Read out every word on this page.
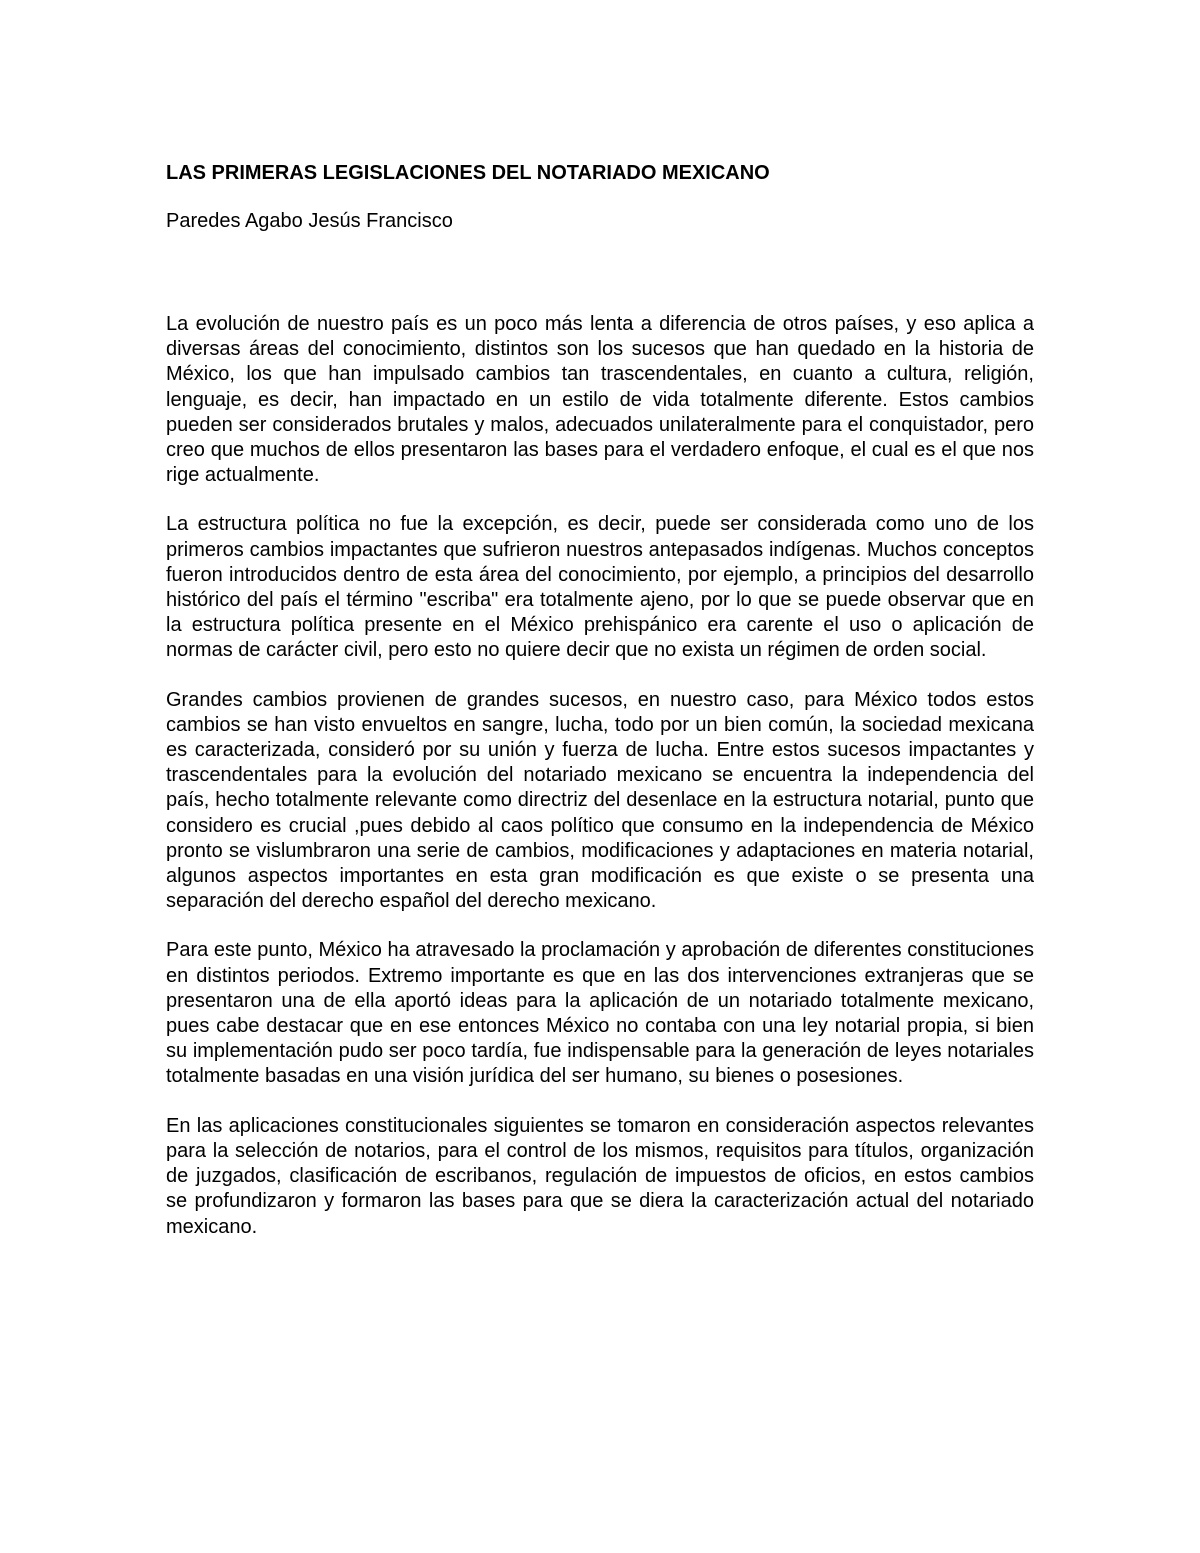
LAS PRIMERAS LEGISLACIONES DEL NOTARIADO MEXICANO

Paredes Agabo Jesús Francisco

La evolución de nuestro país es un poco más lenta a diferencia de otros países, y eso aplica a diversas áreas del conocimiento, distintos son los sucesos que han quedado en la historia de México, los que han impulsado cambios tan trascendentales, en cuanto a cultura, religión, lenguaje, es decir, han impactado en un estilo de vida totalmente diferente. Estos cambios pueden ser considerados brutales y malos, adecuados unilateralmente para el conquistador, pero creo que muchos de ellos presentaron las bases para el verdadero enfoque, el cual es el que nos rige actualmente.

La estructura política no fue la excepción, es decir, puede ser considerada como uno de los primeros cambios impactantes que sufrieron nuestros antepasados indígenas. Muchos conceptos fueron introducidos dentro de esta área del conocimiento, por ejemplo, a principios del desarrollo histórico del país el término "escriba" era totalmente ajeno, por lo que se puede observar que en la estructura política presente en el México prehispánico era carente el uso o aplicación de normas de carácter civil, pero esto no quiere decir que no exista un régimen de orden social.

Grandes cambios provienen de grandes sucesos, en nuestro caso, para México todos estos cambios se han visto envueltos en sangre, lucha, todo por un bien común, la sociedad mexicana es caracterizada, consideró por su unión y fuerza de lucha. Entre estos sucesos impactantes y trascendentales para la evolución del notariado mexicano se encuentra la independencia del país, hecho totalmente relevante como directriz del desenlace en la estructura notarial, punto que considero es crucial ,pues debido al caos político que consumo en la independencia de México pronto se vislumbraron una serie de cambios, modificaciones y adaptaciones en materia notarial, algunos aspectos importantes en esta gran modificación es que existe o se presenta una separación del derecho español del derecho mexicano.

Para este punto, México ha atravesado la proclamación y aprobación de diferentes constituciones en distintos periodos. Extremo importante es que en las dos intervenciones extranjeras que se presentaron una de ella aportó ideas para la aplicación de un notariado totalmente mexicano, pues cabe destacar que en ese entonces México no contaba con una ley notarial propia, si bien su implementación pudo ser poco tardía, fue indispensable para la generación de leyes notariales totalmente basadas en una visión jurídica del ser humano, su bienes o posesiones.

En las aplicaciones constitucionales siguientes se tomaron en consideración aspectos relevantes para la selección de notarios, para el control de los mismos, requisitos para títulos, organización de juzgados, clasificación de escribanos, regulación de impuestos de oficios, en estos cambios se profundizaron y formaron las bases para que se diera la caracterización actual del notariado mexicano.
